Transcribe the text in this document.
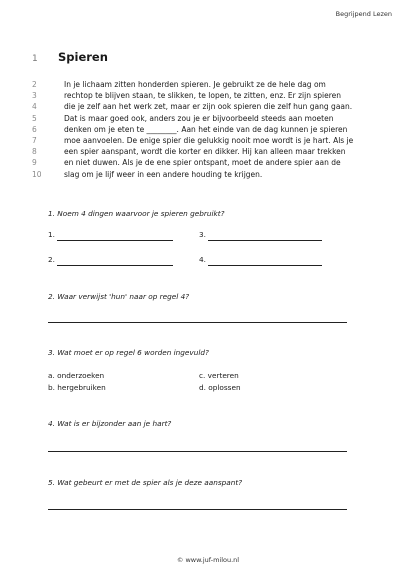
Begrijpend Lezen
1	Spieren
2	In je lichaam zitten honderden spieren. Je gebruikt ze de hele dag om
3	rechtop te blijven staan, te slikken, te lopen, te zitten, enz. Er zijn spieren
4	die je zelf aan het werk zet, maar er zijn ook spieren die zelf hun gang gaan.
5	Dat is maar goed ook, anders zou je er bijvoorbeeld steeds aan moeten
6	denken om je eten te ________. Aan het einde van de dag kunnen je spieren
7	moe aanvoelen. De enige spier die gelukkig nooit moe wordt is je hart. Als je
8	een spier aanspant, wordt die korter en dikker. Hij kan alleen maar trekken
9	en niet duwen. Als je de ene spier ontspant, moet de andere spier aan de
10	slag om je lijf weer in een andere houding te krijgen.
1. Noem 4 dingen waarvoor je spieren gebruikt?
1.	3.
2.	4.
2. Waar verwijst 'hun' naar op regel 4?
3. Wat moet er op regel 6 worden ingevuld?
a. onderzoeken
b. hergebruiken
c. verteren
d. oplossen
4. Wat is er bijzonder aan je hart?
5. Wat gebeurt er met de spier als je deze aanspant?
© www.juf-milou.nl
